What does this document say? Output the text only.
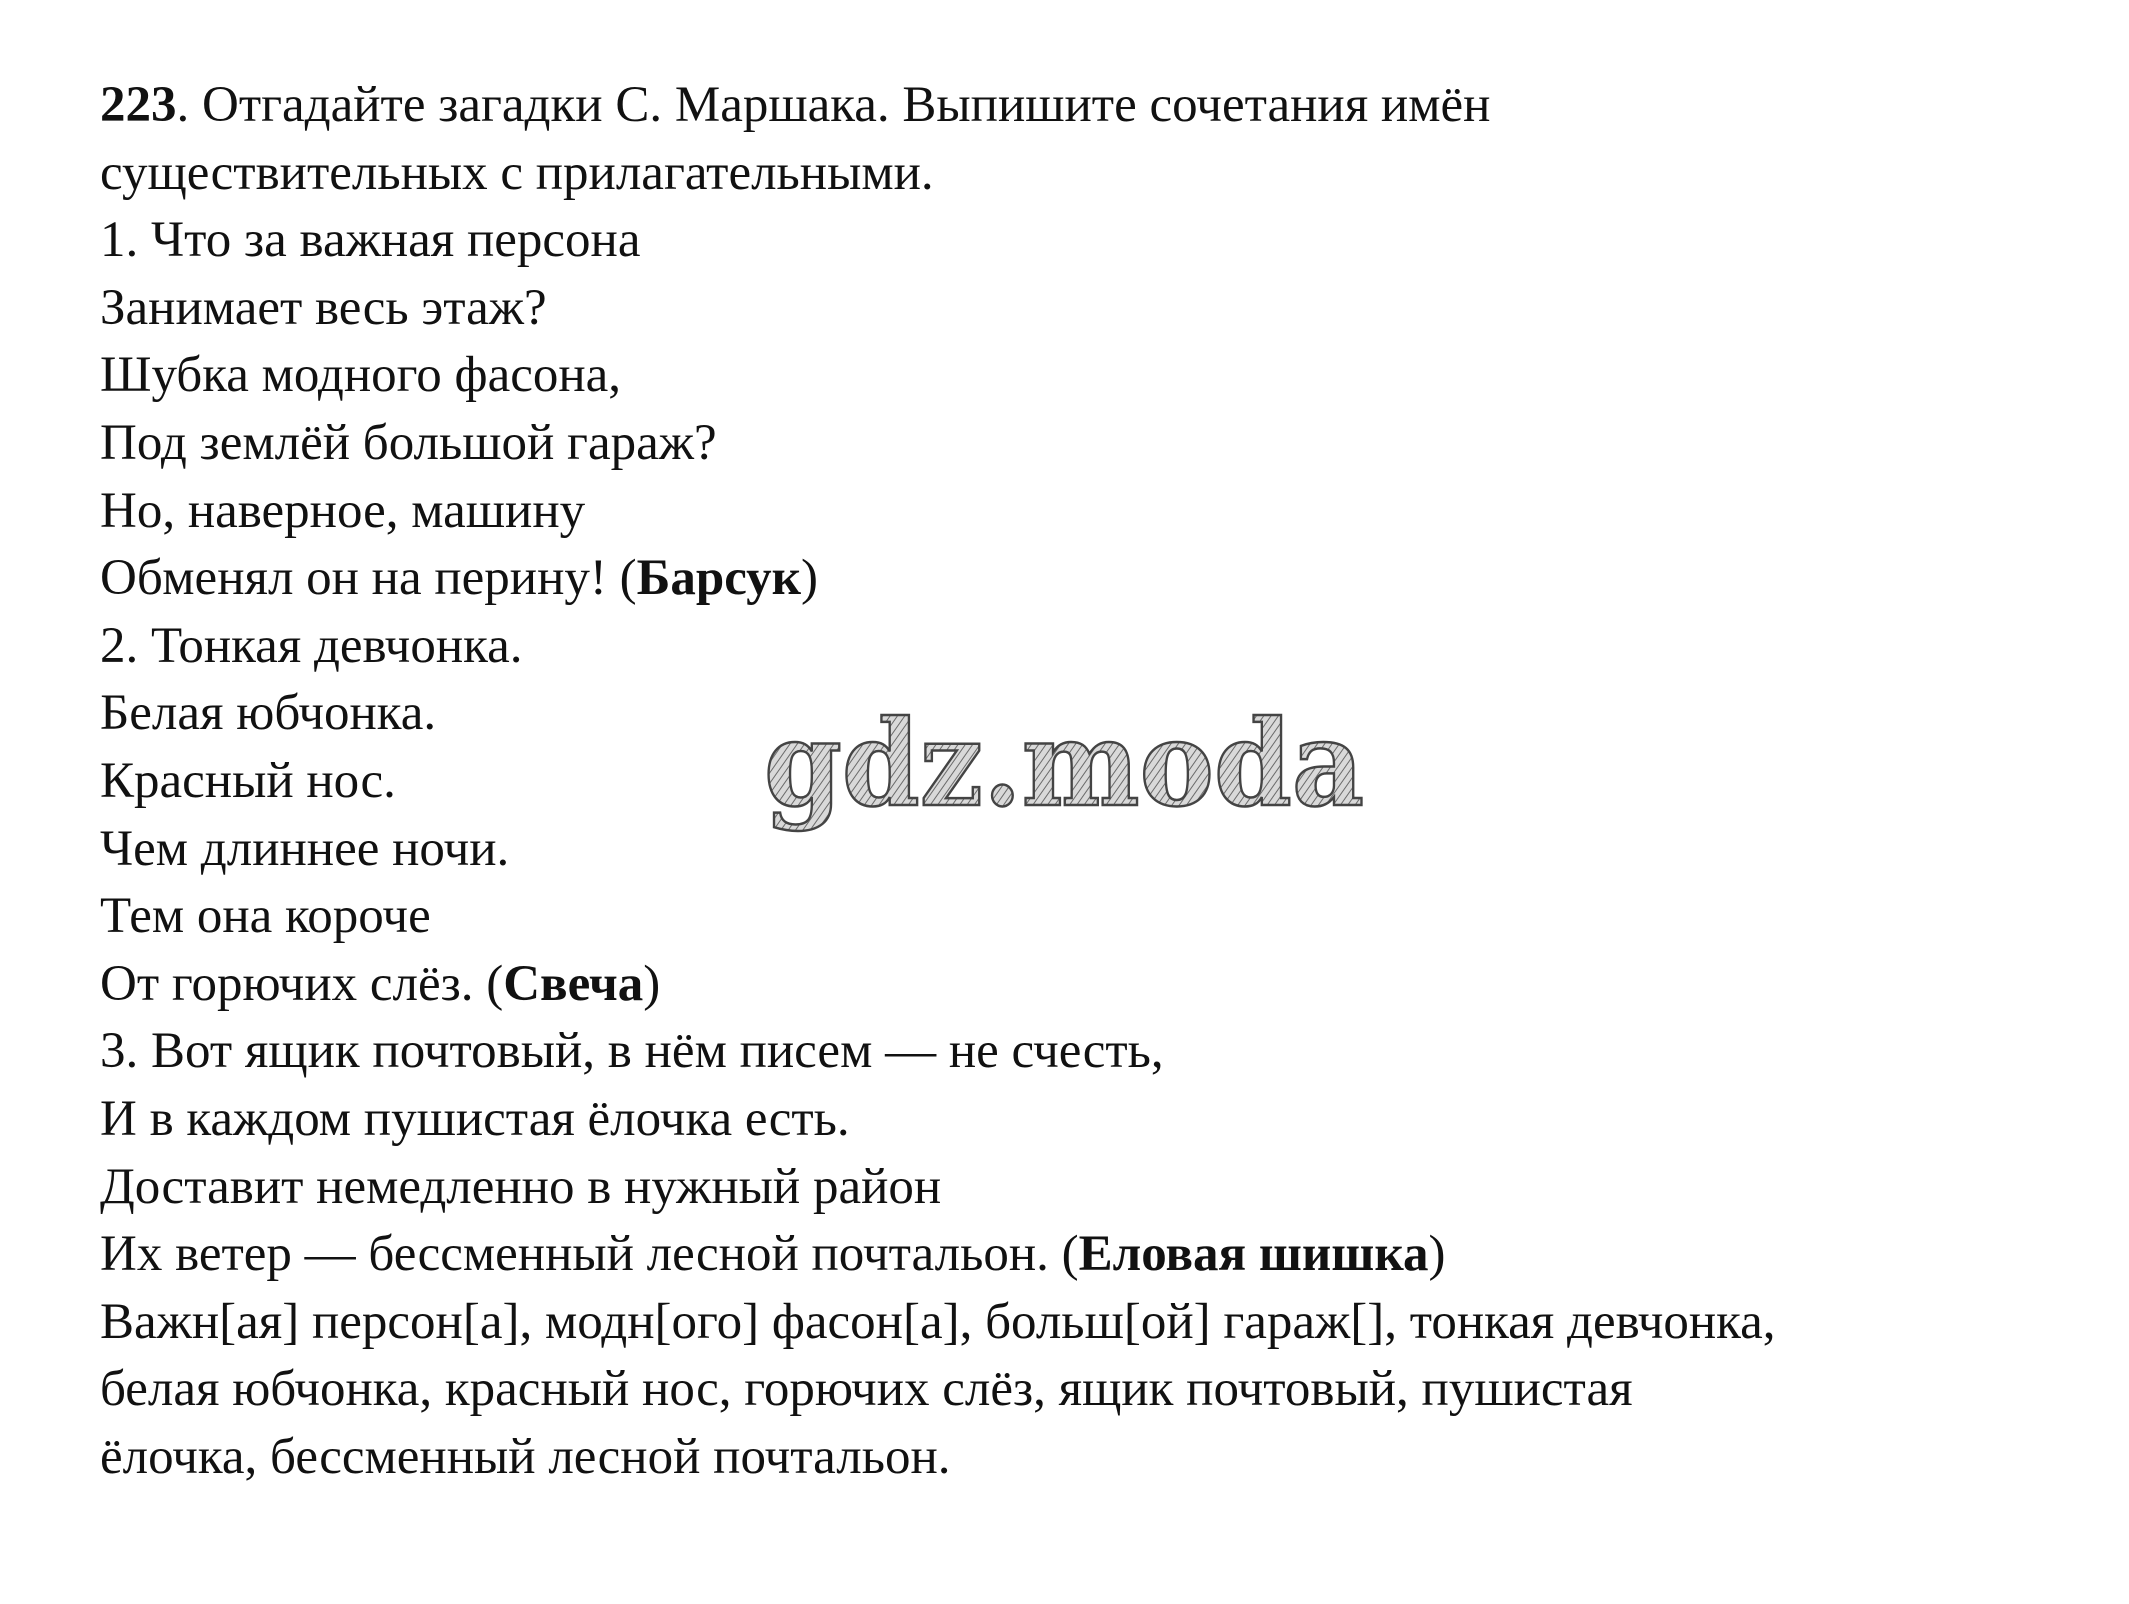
223. Отгадайте загадки С. Маршака. Выпишите сочетания имён
существительных с прилагательными.
1. Что за важная персона
Занимает весь этаж?
Шубка модного фасона,
Под землёй большой гараж?
Но, наверное, машину
Обменял он на перину! (Барсук)
2. Тонкая девчонка.
Белая юбчонка.
Красный нос.
Чем длиннее ночи.
Тем она короче
От горючих слёз. (Свеча)
3. Вот ящик почтовый, в нём писем — не счесть,
И в каждом пушистая ёлочка есть.
Доставит немедленно в нужный район
Их ветер — бессменный лесной почтальон. (Еловая шишка)
Важн[ая] персон[а], модн[ого] фасон[а], больш[ой] гараж[], тонкая девчонка,
белая юбчонка, красный нос, горючих слёз, ящик почтовый, пушистая
ёлочка, бессменный лесной почтальон.
gdz.moda
